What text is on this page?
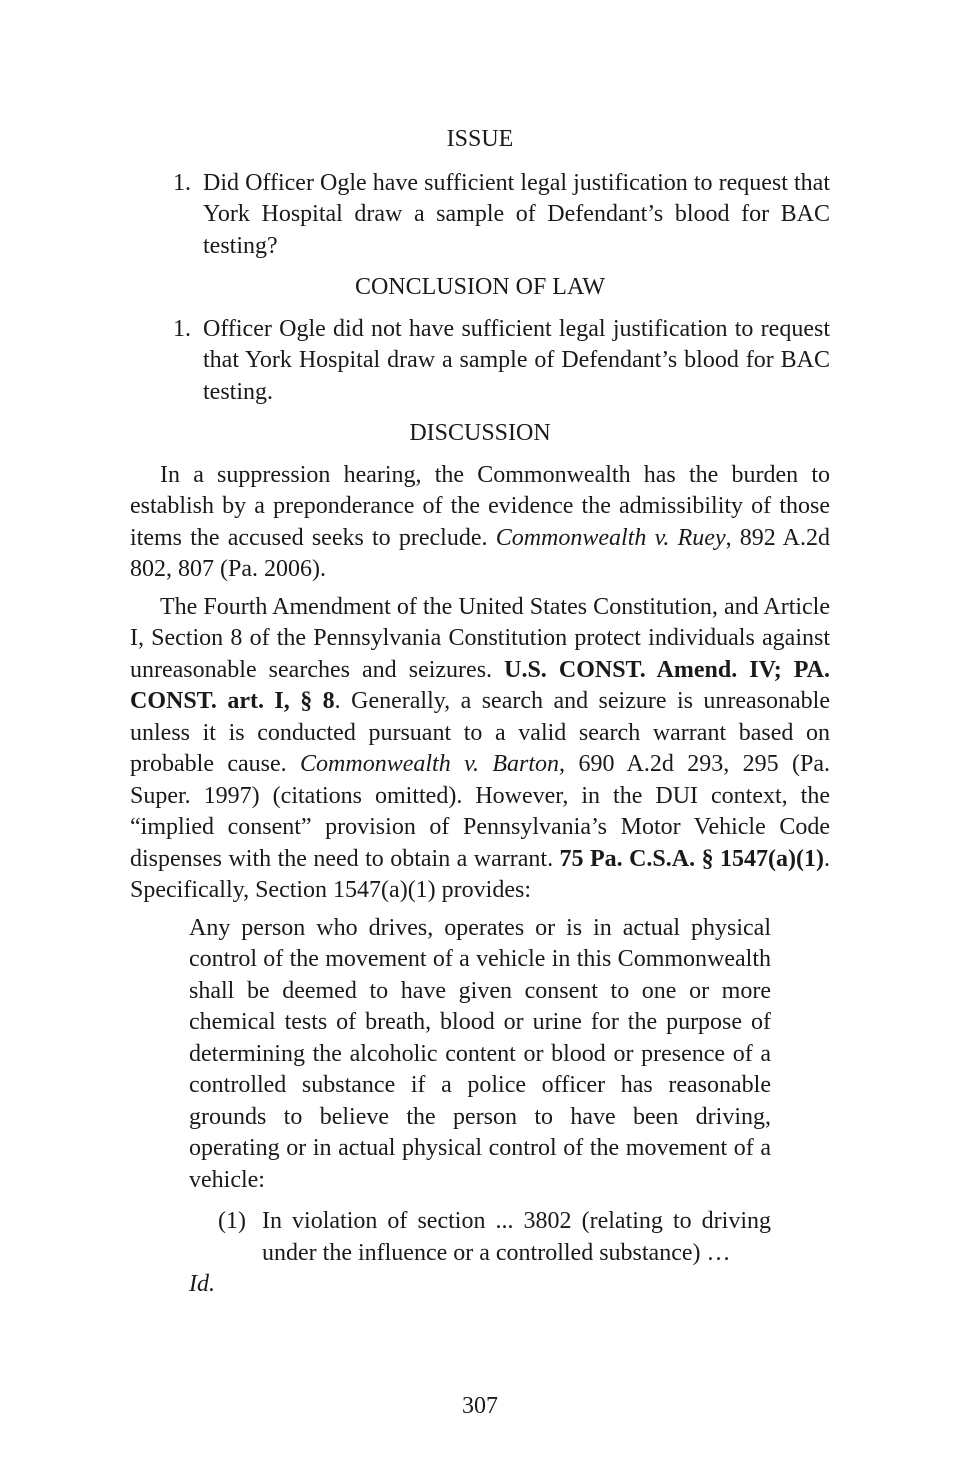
ISSUE

1. Did Officer Ogle have sufficient legal justification to request that York Hospital draw a sample of Defendant’s blood for BAC testing?

CONCLUSION OF LAW

1. Officer Ogle did not have sufficient legal justification to request that York Hospital draw a sample of Defendant’s blood for BAC testing.

DISCUSSION

In a suppression hearing, the Commonwealth has the burden to establish by a preponderance of the evidence the admissibility of those items the accused seeks to preclude. Commonwealth v. Ruey, 892 A.2d 802, 807 (Pa. 2006).

The Fourth Amendment of the United States Constitution, and Article I, Section 8 of the Pennsylvania Constitution protect individuals against unreasonable searches and seizures. U.S. CONST. Amend. IV; PA. CONST. art. I, § 8. Generally, a search and seizure is unreasonable unless it is conducted pursuant to a valid search warrant based on probable cause. Commonwealth v. Barton, 690 A.2d 293, 295 (Pa. Super. 1997) (citations omitted). However, in the DUI context, the “implied consent” provision of Pennsylvania’s Motor Vehicle Code dispenses with the need to obtain a warrant. 75 Pa. C.S.A. § 1547(a)(1). Specifically, Section 1547(a)(1) provides:

Any person who drives, operates or is in actual physical control of the movement of a vehicle in this Commonwealth shall be deemed to have given consent to one or more chemical tests of breath, blood or urine for the purpose of determining the alcoholic content or blood or presence of a controlled substance if a police officer has reasonable grounds to believe the person to have been driving, operating or in actual physical control of the movement of a vehicle:
(1) In violation of section ... 3802 (relating to driving under the influence or a controlled substance) …

Id.

307
